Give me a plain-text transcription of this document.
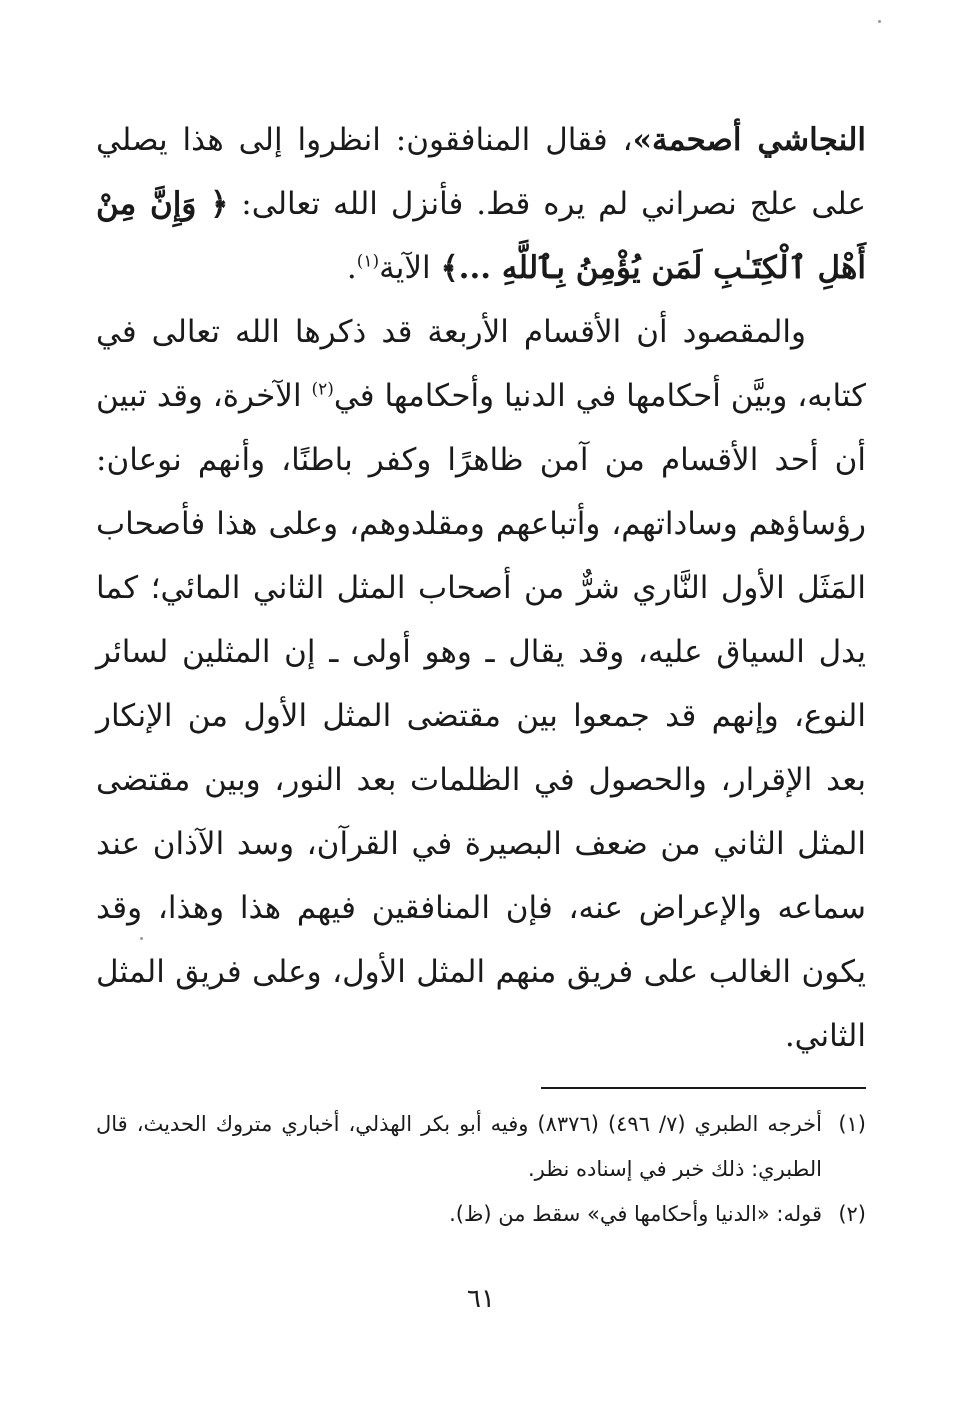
النجاشي أصحمة»، فقال المنافقون: انظروا إلى هذا يصلي على علج نصراني لم يره قط. فأنزل الله تعالى: ﴿ وَإِنَّ مِنْ أَهْلِ ٱلْكِتَـٰبِ لَمَن يُؤْمِنُ بِٱللَّهِ ...﴾ الآية$^{(١)}$.

والمقصود أن الأقسام الأربعة قد ذكرها الله تعالى في كتابه، وبيَّن أحكامها في الدنيا وأحكامها في$^{(٢)}$ الآخرة، وقد تبين أن أحد الأقسام من آمن ظاهرًا وكفر باطنًا، وأنهم نوعان: رؤساؤهم وساداتهم، وأتباعهم ومقلدوهم، وعلى هذا فأصحاب المَثَل الأول النَّاري شرٌّ من أصحاب المثل الثاني المائي؛ كما يدل السياق عليه، وقد يقال ـ وهو أولى ـ إن المثلين لسائر النوع، وإنهم قد جمعوا بين مقتضى المثل الأول من الإنكار بعد الإقرار، والحصول في الظلمات بعد النور، وبين مقتضى المثل الثاني من ضعف البصيرة في القرآن، وسد الآذان عند سماعه والإعراض عنه، فإن المنافقين فيهم هذا وهذا، وقد يكون الغالب على فريق منهم المثل الأول، وعلى فريق المثل الثاني.

(١)
أخرجه الطبري (٧/ ٤٩٦) (٨٣٧٦) وفيه أبو بكر الهذلي، أخباري متروك الحديث، قال الطبري: ذلك خبر في إسناده نظر.
(٢)
قوله: «الدنيا وأحكامها في» سقط من (ظ).
٦١
